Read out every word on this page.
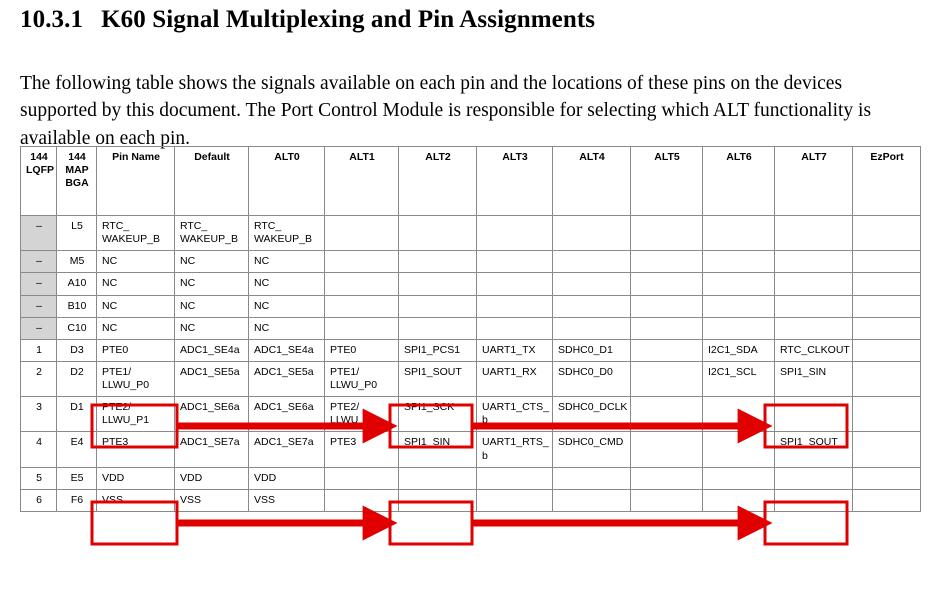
10.3.1 K60 Signal Multiplexing and Pin Assignments

The following table shows the signals available on each pin and the locations of these pins on the devices supported by this document. The Port Control Module is responsible for selecting which ALT functionality is available on each pin.

144
LQFP	144
MAP
BGA	Pin Name	Default	ALT0	ALT1	ALT2	ALT3	ALT4	ALT5	ALT6	ALT7	EzPort
–	L5	RTC_ WAKEUP_B	RTC_ WAKEUP_B	RTC_ WAKEUP_B								
–	M5	NC	NC	NC								
–	A10	NC	NC	NC								
–	B10	NC	NC	NC								
–	C10	NC	NC	NC								
1	D3	PTE0	ADC1_SE4a	ADC1_SE4a	PTE0	SPI1_PCS1	UART1_TX	SDHC0_D1		I2C1_SDA	RTC_CLKOUT	
2	D2	PTE1/ LLWU_P0	ADC1_SE5a	ADC1_SE5a	PTE1/ LLWU_P0	SPI1_SOUT	UART1_RX	SDHC0_D0		I2C1_SCL	SPI1_SIN	
3	D1	PTE2/ LLWU_P1	ADC1_SE6a	ADC1_SE6a	PTE2/ LLWU_P1	SPI1_SCK	UART1_CTS_ b	SDHC0_DCLK				
4	E4	PTE3	ADC1_SE7a	ADC1_SE7a	PTE3	SPI1_SIN	UART1_RTS_ b	SDHC0_CMD			SPI1_SOUT	
5	E5	VDD	VDD	VDD								
6	F6	VSS	VSS	VSS								
